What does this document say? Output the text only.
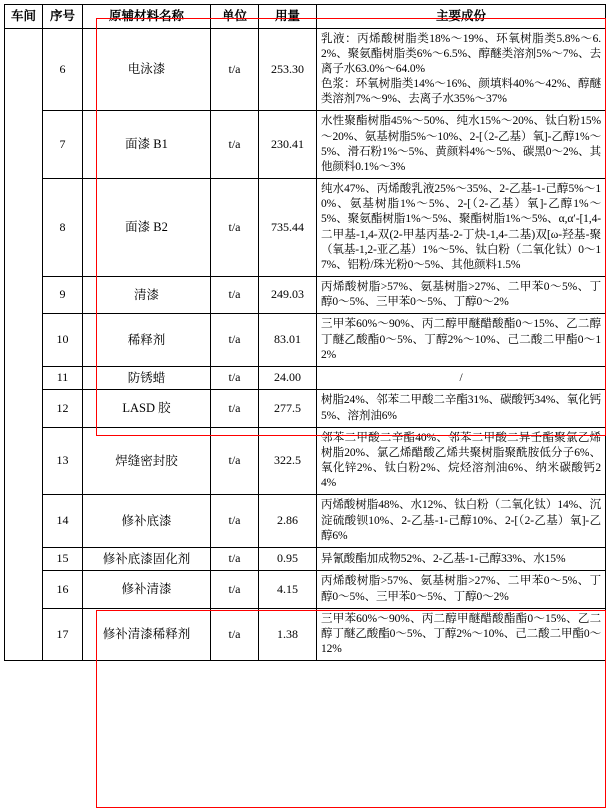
车间	序号	原辅材料名称	单位	用量	主要成份
	6	电泳漆	t/a	253.30	乳液：丙烯酸树脂类18%～19%、环氧树脂类5.8%～6.2%、聚氨酯树脂类6%～6.5%、醇醚类溶剂5%～7%、去离子水63.0%～64.0%
色浆：环氧树脂类14%～16%、颜填料40%～42%、醇醚类溶剂7%～9%、去离子水35%～37%
	7	面漆 B1	t/a	230.41	水性聚酯树脂45%～50%、纯水15%～20%、钛白粉15%～20%、氨基树脂5%～10%、2-[（2-乙基）氧]-乙醇1%～5%、滑石粉1%～5%、黄颜料4%～5%、碳黑0～2%、其他颜料0.1%～3%
	8	面漆 B2	t/a	735.44	纯水47%、丙烯酸乳液25%～35%、2-乙基-1-己醇5%～10%、氨基树脂1%～5%、2-[（2-乙基）氧]-乙醇1%～5%、聚氨酯树脂1%～5%、聚酯树脂1%～5%、α,α′-[1,4-二甲基-1,4-双(2-甲基丙基-2-丁炔-1,4-二基)双[ω-羟基-聚（氧基-1,2-亚乙基）1%～5%、钛白粉（二氧化钛）0～17%、铝粉/珠光粉0～5%、其他颜料1.5%
	9	清漆	t/a	249.03	丙烯酸树脂>57%、氨基树脂>27%、二甲苯0～5%、丁醇0～5%、三甲苯0～5%、丁醇0～2%
	10	稀释剂	t/a	83.01	三甲苯60%～90%、丙二醇甲醚醋酸酯0～15%、乙二醇丁醚乙酸酯0～5%、丁醇2%～10%、己二酸二甲酯0～12%
	11	防锈蜡	t/a	24.00	/
	12	LASD 胶	t/a	277.5	树脂24%、邻苯二甲酸二辛酯31%、碳酸钙34%、氧化钙5%、溶剂油6%
	13	焊缝密封胶	t/a	322.5	邻苯二甲酸二辛酯40%、邻苯二甲酸二异壬酯聚氯乙烯树脂20%、氯乙烯醋酸乙烯共聚树脂聚酰胺低分子6%、氧化锌2%、钛白粉2%、烷烃溶剂油6%、纳米碳酸钙24%
	14	修补底漆	t/a	2.86	丙烯酸树脂48%、水12%、钛白粉（二氧化钛）14%、沉淀硫酸钡10%、2-乙基-1-己醇10%、2-[（2-乙基）氧]-乙醇6%
	15	修补底漆固化剂	t/a	0.95	异氰酸酯加成物52%、2-乙基-1-己醇33%、水15%
	16	修补清漆	t/a	4.15	丙烯酸树脂>57%、氨基树脂>27%、二甲苯0～5%、丁醇0～5%、三甲苯0～5%、丁醇0～2%
	17	修补清漆稀释剂	t/a	1.38	三甲苯60%～90%、丙二醇甲醚醋酸酯酯0～15%、乙二醇丁醚乙酸酯0～5%、丁醇2%～10%、己二酸二甲酯0～12%
